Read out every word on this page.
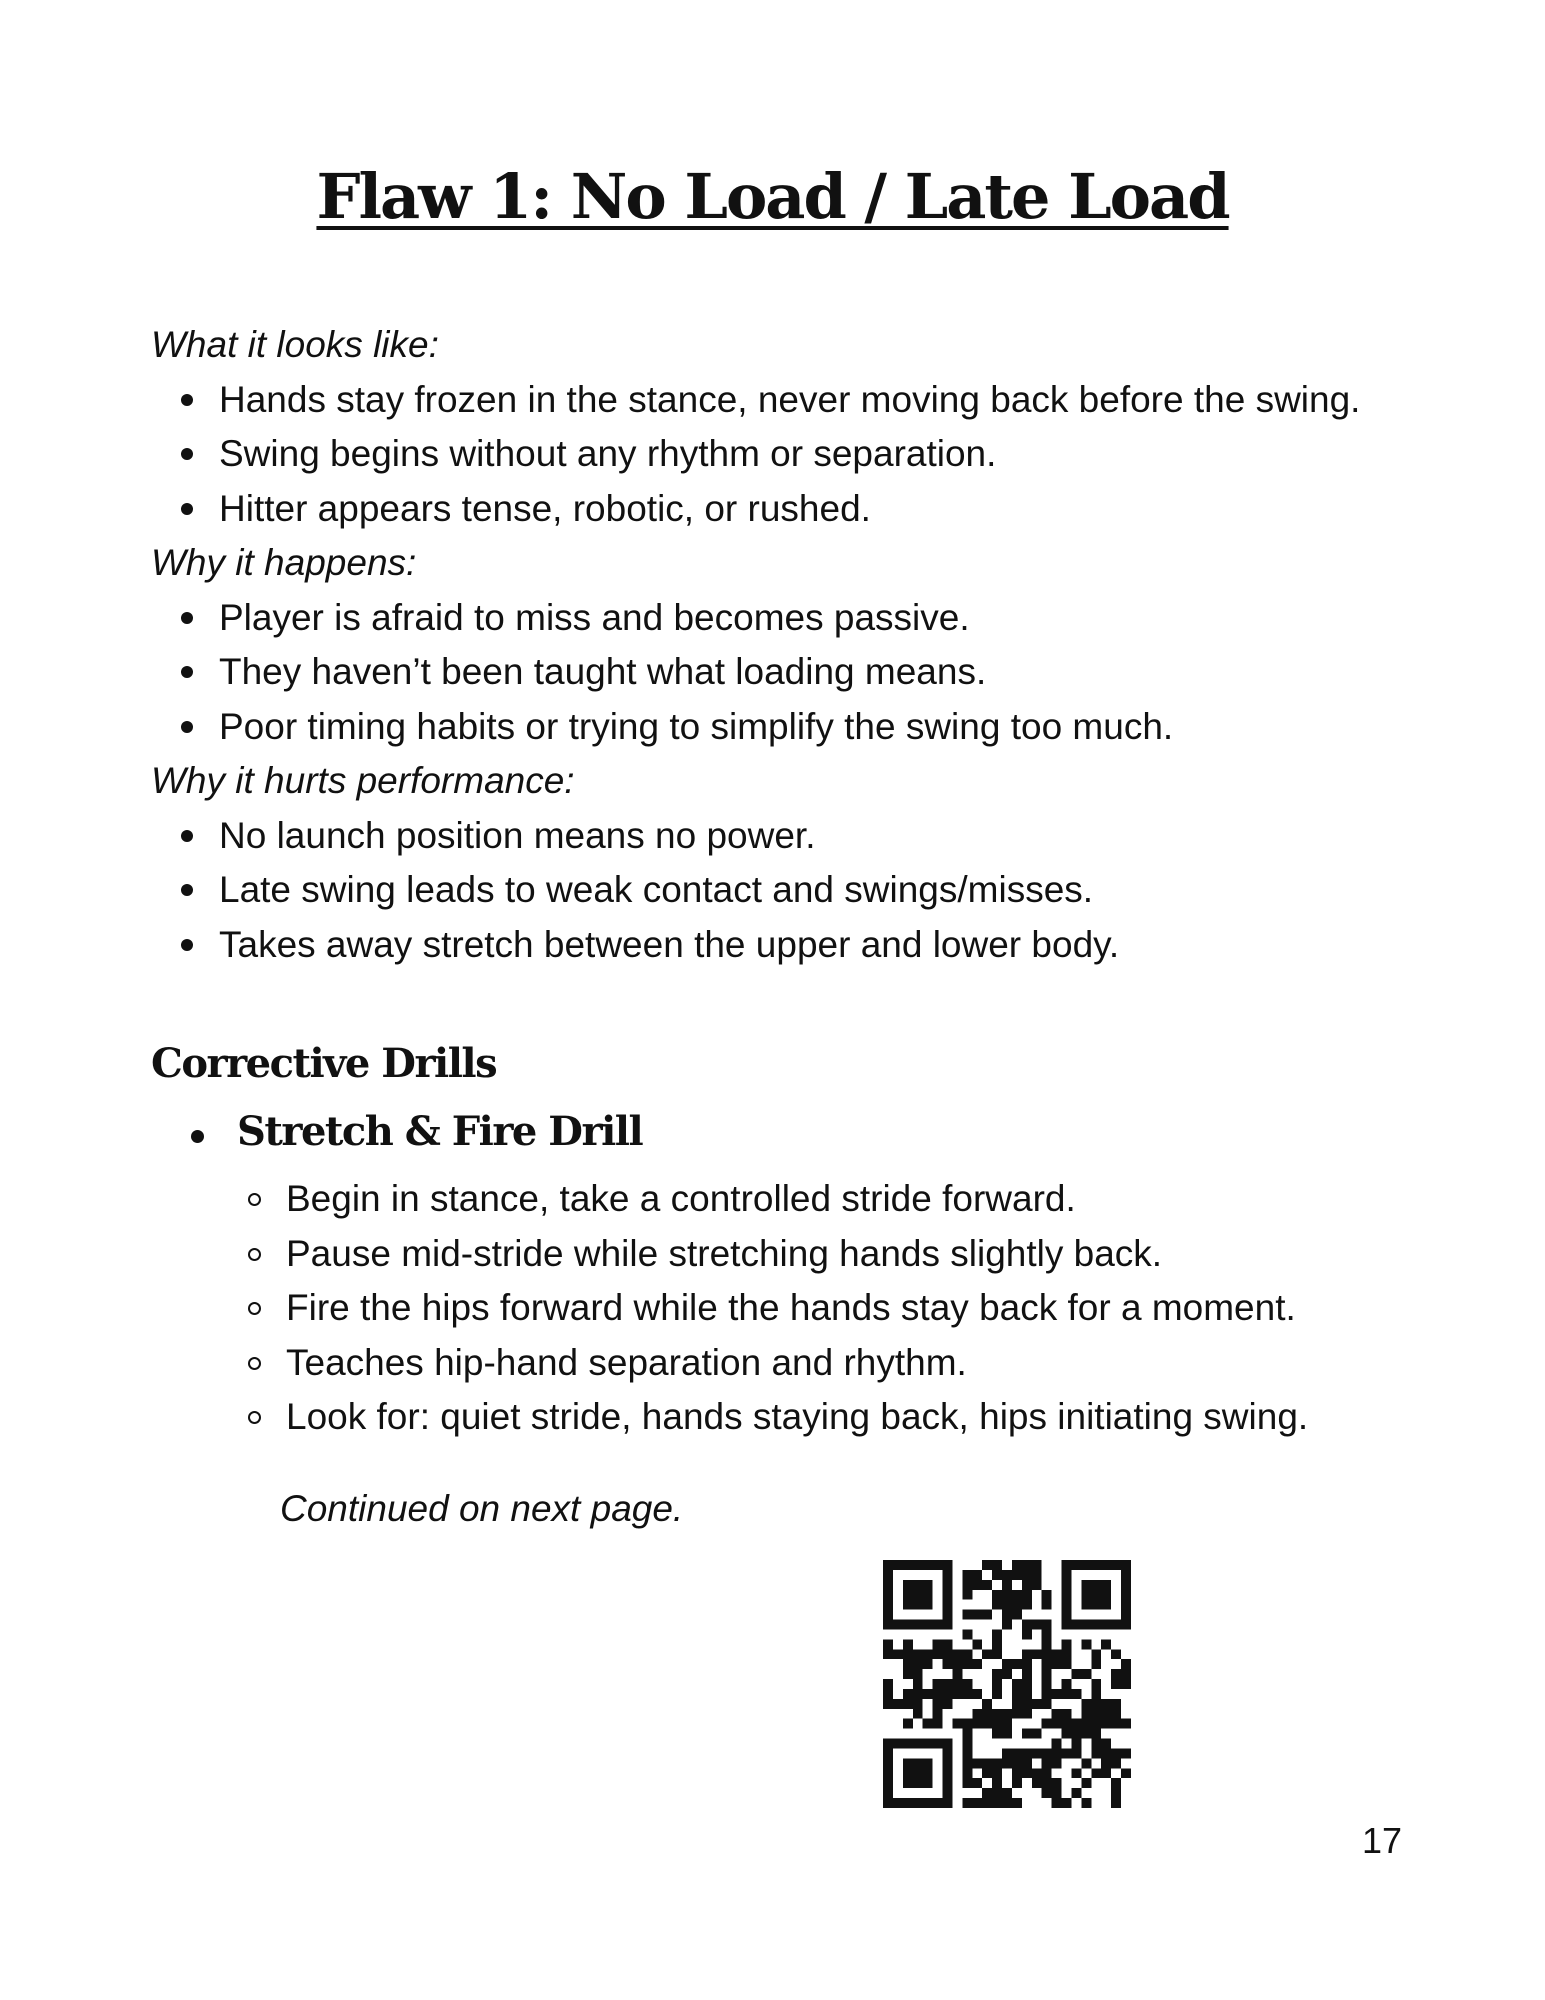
Flaw 1: No Load / Late Load

What it looks like:

Hands stay frozen in the stance, never moving back before the swing.
Swing begins without any rhythm or separation.
Hitter appears tense, robotic, or rushed.

Why it happens:

Player is afraid to miss and becomes passive.
They haven’t been taught what loading means.
Poor timing habits or trying to simplify the swing too much.

Why it hurts performance:

No launch position means no power.
Late swing leads to weak contact and swings/misses.
Takes away stretch between the upper and lower body.
Corrective Drills
Stretch & Fire Drill
Begin in stance, take a controlled stride forward.
Pause mid-stride while stretching hands slightly back.
Fire the hips forward while the hands stay back for a moment.
Teaches hip-hand separation and rhythm.
Look for: quiet stride, hands staying back, hips initiating swing.

Continued on next page.

17
